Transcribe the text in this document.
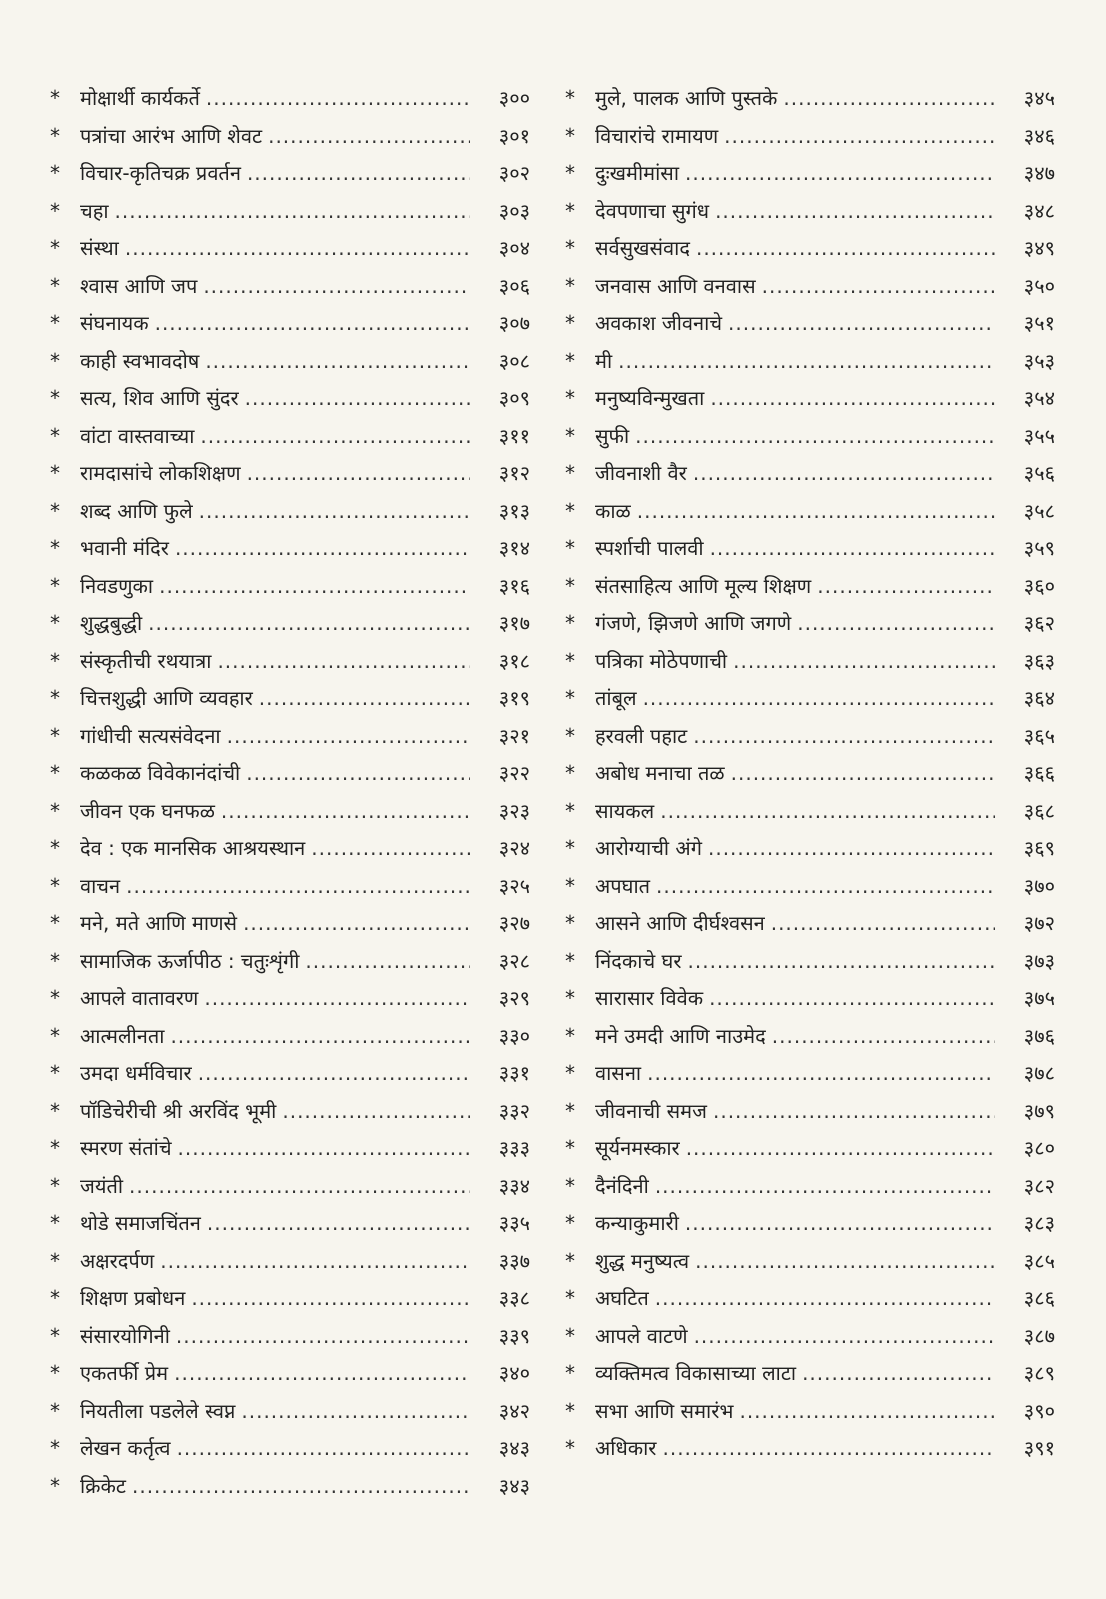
*	मोक्षार्थी कार्यकर्ते .....	३००
*	पत्रांचा आरंभ आणि शेवट .....	३०१
*	विचार-कृतिचक्र प्रवर्तन .....	३०२
*	चहा .....	३०३
*	संस्था .....	३०४
*	श्वास आणि जप .....	३०६
*	संघनायक .....	३०७
*	काही स्वभावदोष .....	३०८
*	सत्य, शिव आणि सुंदर .....	३०९
*	वांटा वास्तवाच्या .....	३११
*	रामदासांचे लोकशिक्षण .....	३१२
*	शब्द आणि फुले .....	३१३
*	भवानी मंदिर .....	३१४
*	निवडणुका .....	३१६
*	शुद्धबुद्धी .....	३१७
*	संस्कृतीची रथयात्रा .....	३१८
*	चित्तशुद्धी आणि व्यवहार .....	३१९
*	गांधीची सत्यसंवेदना .....	३२१
*	कळकळ विवेकानंदांची .....	३२२
*	जीवन एक घनफळ .....	३२३
*	देव : एक मानसिक आश्रयस्थान .....	३२४
*	वाचन .....	३२५
*	मने, मते आणि माणसे .....	३२७
*	सामाजिक ऊर्जापीठ : चतुःशृंगी .....	३२८
*	आपले वातावरण .....	३२९
*	आत्मलीनता .....	३३०
*	उमदा धर्मविचार .....	३३१
*	पॉडिचेरीची श्री अरविंद भूमी .....	३३२
*	स्मरण संतांचे .....	३३३
*	जयंती .....	३३४
*	थोडे समाजचिंतन .....	३३५
*	अक्षरदर्पण .....	३३७
*	शिक्षण प्रबोधन .....	३३८
*	संसारयोगिनी .....	३३९
*	एकतर्फी प्रेम .....	३४०
*	नियतीला पडलेले स्वप्न .....	३४२
*	लेखन कर्तृत्व .....	३४३
*	क्रिकेट .....	३४३
*	मुले, पालक आणि पुस्तके .....	३४५
*	विचारांचे रामायण .....	३४६
*	दुःखमीमांसा .....	३४७
*	देवपणाचा सुगंध .....	३४८
*	सर्वसुखसंवाद .....	३४९
*	जनवास आणि वनवास .....	३५०
*	अवकाश जीवनाचे .....	३५१
*	मी .....	३५३
*	मनुष्यविन्मुखता .....	३५४
*	सुफी .....	३५५
*	जीवनाशी वैर .....	३५६
*	काळ .....	३५८
*	स्पर्शाची पालवी .....	३५९
*	संतसाहित्य आणि मूल्य शिक्षण .....	३६०
*	गंजणे, झिजणे आणि जगणे .....	३६२
*	पत्रिका मोठेपणाची .....	३६३
*	तांबूल .....	३६४
*	हरवली पहाट .....	३६५
*	अबोध मनाचा तळ .....	३६६
*	सायकल .....	३६८
*	आरोग्याची अंगे .....	३६९
*	अपघात .....	३७०
*	आसने आणि दीर्घश्वसन .....	३७२
*	निंदकाचे घर .....	३७३
*	सारासार विवेक .....	३७५
*	मने उमदी आणि नाउमेद .....	३७६
*	वासना .....	३७८
*	जीवनाची समज .....	३७९
*	सूर्यनमस्कार .....	३८०
*	दैनंदिनी .....	३८२
*	कन्याकुमारी .....	३८३
*	शुद्ध मनुष्यत्व .....	३८५
*	अघटित .....	३८६
*	आपले वाटणे .....	३८७
*	व्यक्तिमत्व विकासाच्या लाटा .....	३८९
*	सभा आणि समारंभ .....	३९०
*	अधिकार .....	३९१
